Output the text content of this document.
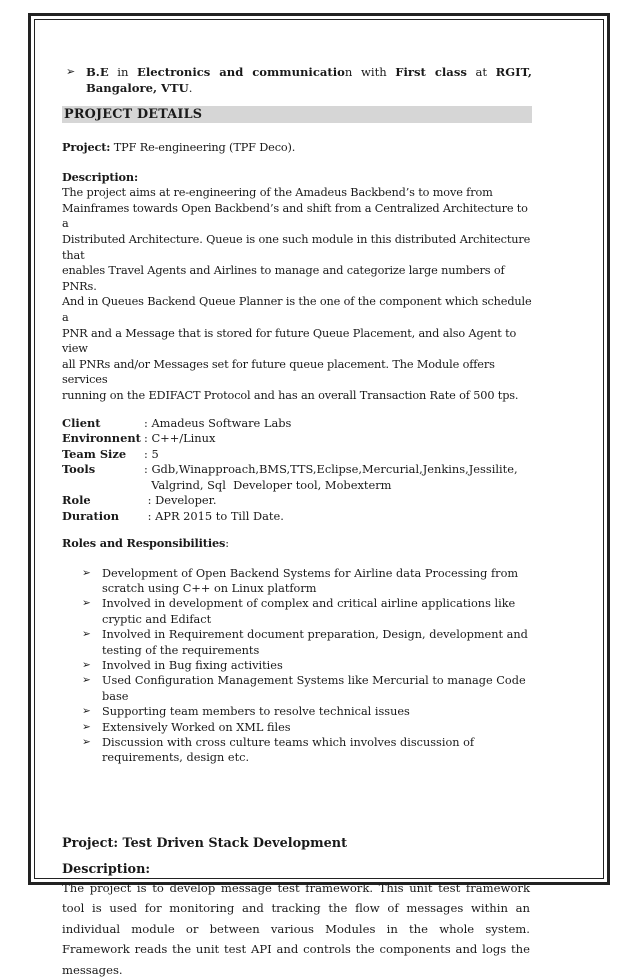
➢ B.E in Electronics and communication with First class at RGIT, Bangalore, VTU.

PROJECT DETAILS

Project: TPF Re-engineering (TPF Deco).

Description:

The project aims at re-engineering of the Amadeus Backbend’s to move from
Mainframes towards Open Backbend’s and shift from a Centralized Architecture to a
Distributed Architecture. Queue is one such module in this distributed Architecture that
enables Travel Agents and Airlines to manage and categorize large numbers of PNRs.
And in Queues Backend Queue Planner is the one of the component which schedule a
PNR and a Message that is stored for future Queue Placement, and also Agent to view
all PNRs and/or Messages set for future queue placement. The Module offers services
running on the EDIFACT Protocol and has an overall Transaction Rate of 500 tps.
Client	: Amadeus Software Labs
Environnent	: C++/Linux
Team Size	: 5
Tools	: Gdb,Winapproach,BMS,TTS,Eclipse,Mercurial,Jenkins,Jessilite,
Valgrind, Sql  Developer tool, Mobexterm

Role	: Developer.
Duration	: APR 2015 to Till Date.

Roles and Responsibilities:

➢ Development of Open Backend Systems for Airline data Processing from scratch using C++ on Linux platform
➢ Involved in development of complex and critical airline applications like cryptic and Edifact
➢ Involved in Requirement document preparation, Design, development and testing of the requirements
➢ Involved in Bug fixing activities
➢ Used Configuration Management Systems like Mercurial to manage Code base
➢ Supporting team members to resolve technical issues
➢ Extensively Worked on XML files
➢ Discussion with cross culture teams which involves discussion of requirements, design etc.

Project: Test Driven Stack Development

Description:

The project is to develop message test framework. This unit test framework tool is used for monitoring and tracking the flow of messages within an individual module or between various Modules in the whole system. Framework reads the unit test API and controls the components and logs the messages.
